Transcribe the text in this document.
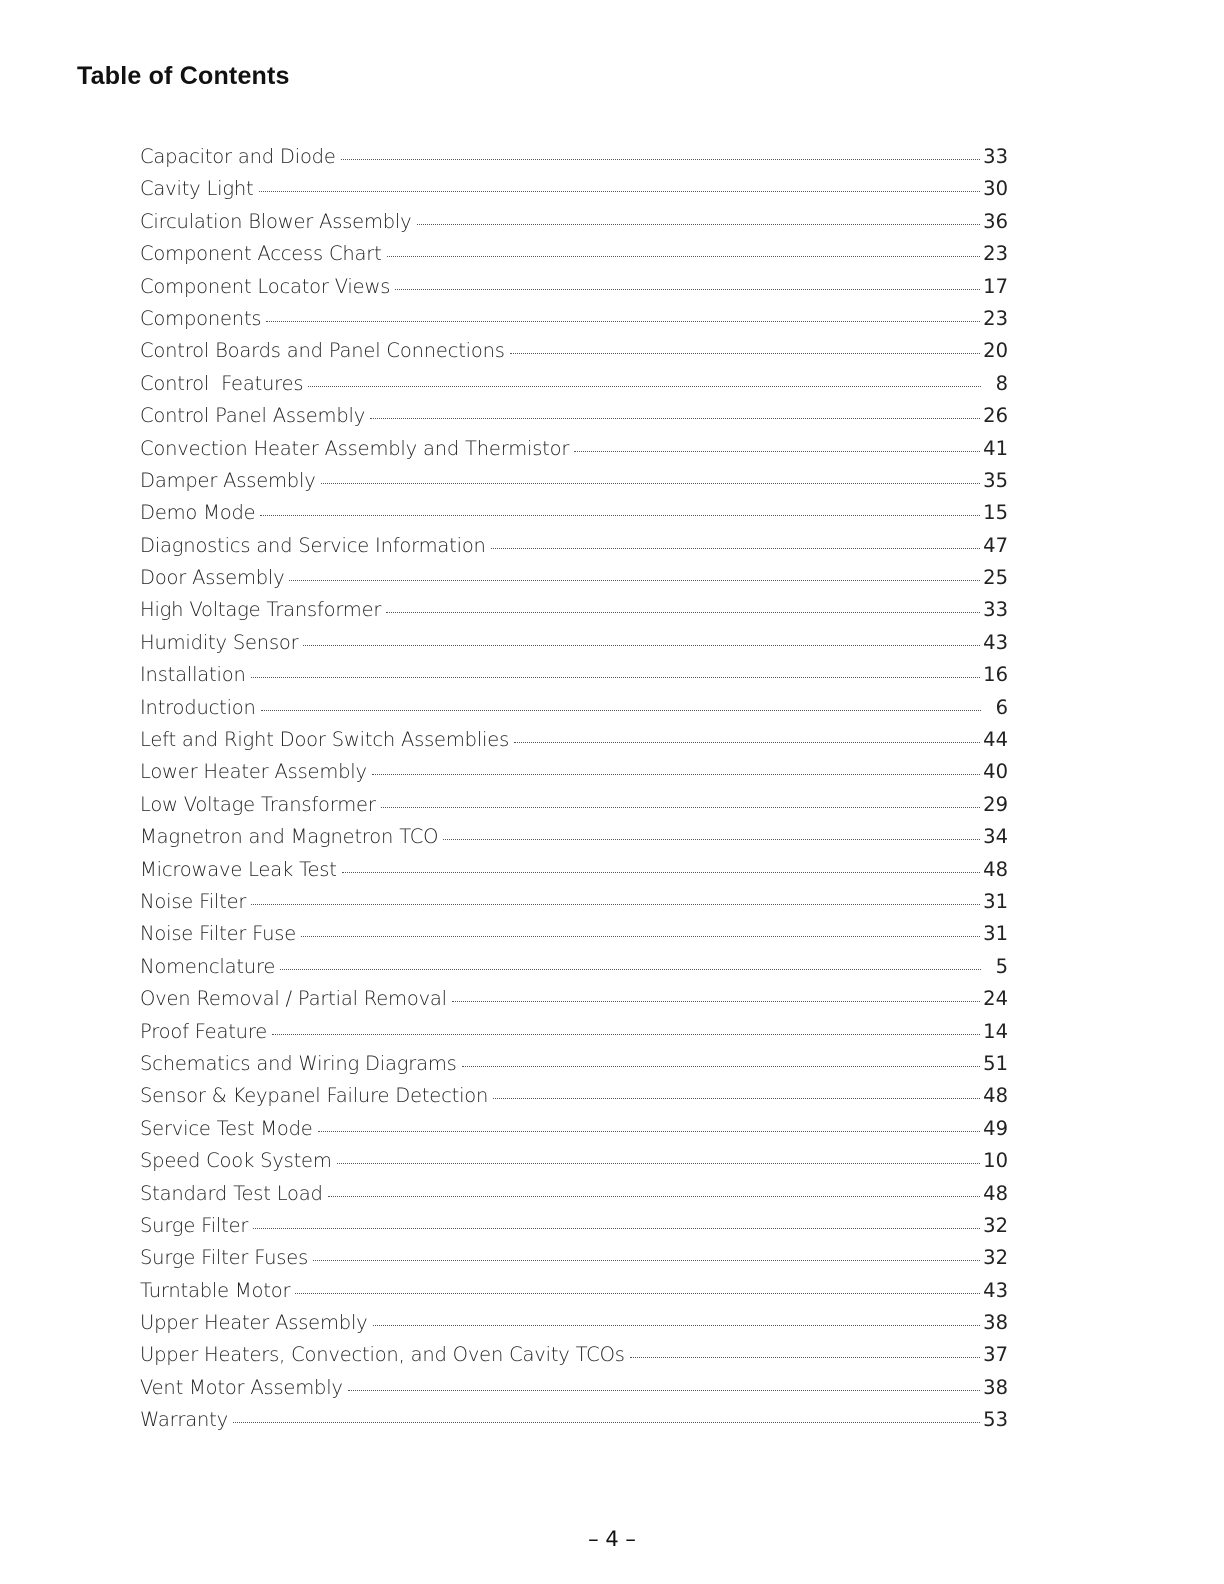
Table of Contents
Capacitor and Diode	33
Cavity Light	30
Circulation Blower Assembly	36
Component Access Chart	23
Component Locator Views	17
Components	23
Control Boards and Panel Connections	20
Control  Features	8
Control Panel Assembly	26
Convection Heater Assembly and Thermistor	41
Damper Assembly	35
Demo Mode	15
Diagnostics and Service Information	47
Door Assembly	25
High Voltage Transformer	33
Humidity Sensor	43
Installation	16
Introduction	6
Left and Right Door Switch Assemblies	44
Lower Heater Assembly	40
Low Voltage Transformer	29
Magnetron and Magnetron TCO	34
Microwave Leak Test	48
Noise Filter	31
Noise Filter Fuse	31
Nomenclature	5
Oven Removal / Partial Removal	24
Proof Feature	14
Schematics and Wiring Diagrams	51
Sensor & Keypanel Failure Detection	48
Service Test Mode	49
Speed Cook System	10
Standard Test Load	48
Surge Filter	32
Surge Filter Fuses	32
Turntable Motor	43
Upper Heater Assembly	38
Upper Heaters, Convection, and Oven Cavity TCOs	37
Vent Motor Assembly	38
Warranty	53
– 4 –
